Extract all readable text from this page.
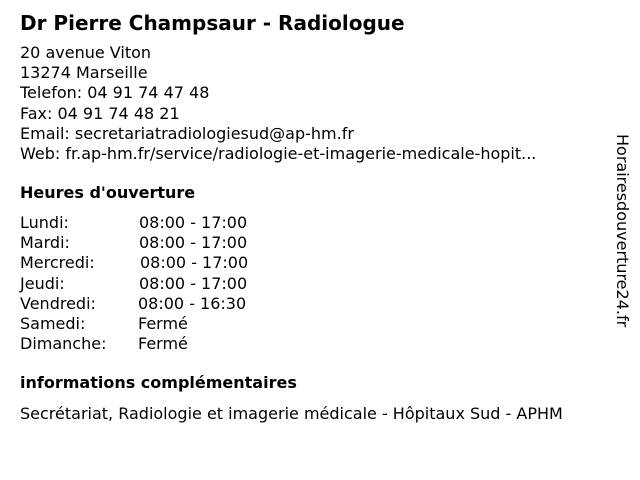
Dr Pierre Champsaur - Radiologue
20 avenue Viton
13274 Marseille
Telefon: 04 91 74 47 48
Fax: 04 91 74 48 21
Email: secretariatradiologiesud@ap-hm.fr
Web: fr.ap-hm.fr/service/radiologie-et-imagerie-medicale-hopit...
Heures d'ouverture
Lundi:	08:00 - 17:00
Mardi:	08:00 - 17:00
Mercredi:	08:00 - 17:00
Jeudi:	08:00 - 17:00
Vendredi:	08:00 - 16:30
Samedi:	Fermé
Dimanche: Fermé
informations complémentaires
Secrétariat, Radiologie et imagerie médicale - Hôpitaux Sud - APHM
Horairesdouverture24.fr
